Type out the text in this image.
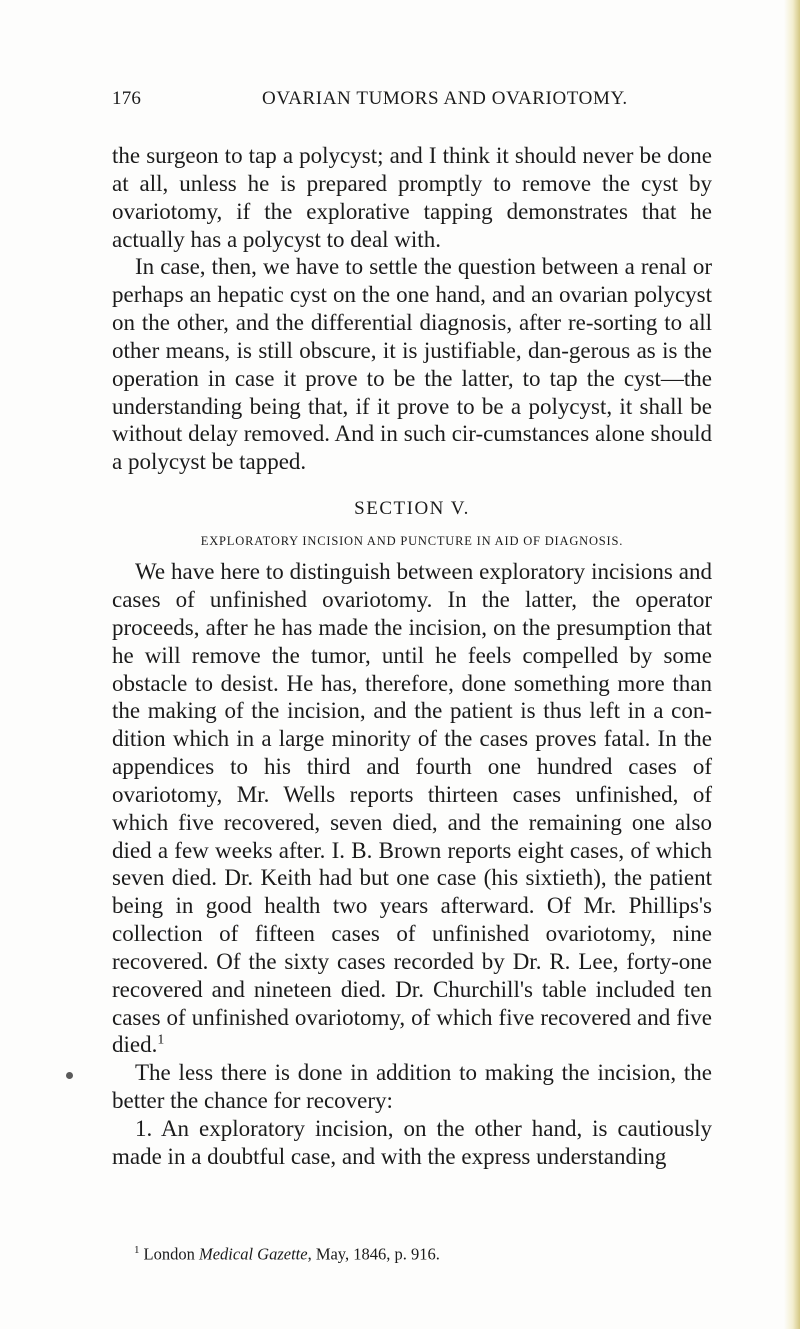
176	OVARIAN TUMORS AND OVARIOTOMY.

the surgeon to tap a polycyst; and I think it should never be done at all, unless he is prepared promptly to remove the cyst by ovariotomy, if the explorative tapping demonstrates that he actually has a polycyst to deal with.

In case, then, we have to settle the question between a renal or perhaps an hepatic cyst on the one hand, and an ovarian polycyst on the other, and the differential diagnosis, after re-sorting to all other means, is still obscure, it is justifiable, dan-gerous as is the operation in case it prove to be the latter, to tap the cyst—the understanding being that, if it prove to be a polycyst, it shall be without delay removed. And in such cir-cumstances alone should a polycyst be tapped.

SECTION V.
EXPLORATORY INCISION AND PUNCTURE IN AID OF DIAGNOSIS.

We have here to distinguish between exploratory incisions and cases of unfinished ovariotomy. In the latter, the operator proceeds, after he has made the incision, on the presumption that he will remove the tumor, until he feels compelled by some obstacle to desist. He has, therefore, done something more than the making of the incision, and the patient is thus left in a con-dition which in a large minority of the cases proves fatal. In the appendices to his third and fourth one hundred cases of ovariotomy, Mr. Wells reports thirteen cases unfinished, of which five recovered, seven died, and the remaining one also died a few weeks after. I. B. Brown reports eight cases, of which seven died. Dr. Keith had but one case (his sixtieth), the patient being in good health two years afterward. Of Mr. Phillips's collection of fifteen cases of unfinished ovariotomy, nine recovered. Of the sixty cases recorded by Dr. R. Lee, forty-one recovered and nineteen died. Dr. Churchill's table included ten cases of unfinished ovariotomy, of which five recovered and five died.$^1$

The less there is done in addition to making the incision, the better the chance for recovery:

1. An exploratory incision, on the other hand, is cautiously made in a doubtful case, and with the express understanding

$^1$ London Medical Gazette, May, 1846, p. 916.
